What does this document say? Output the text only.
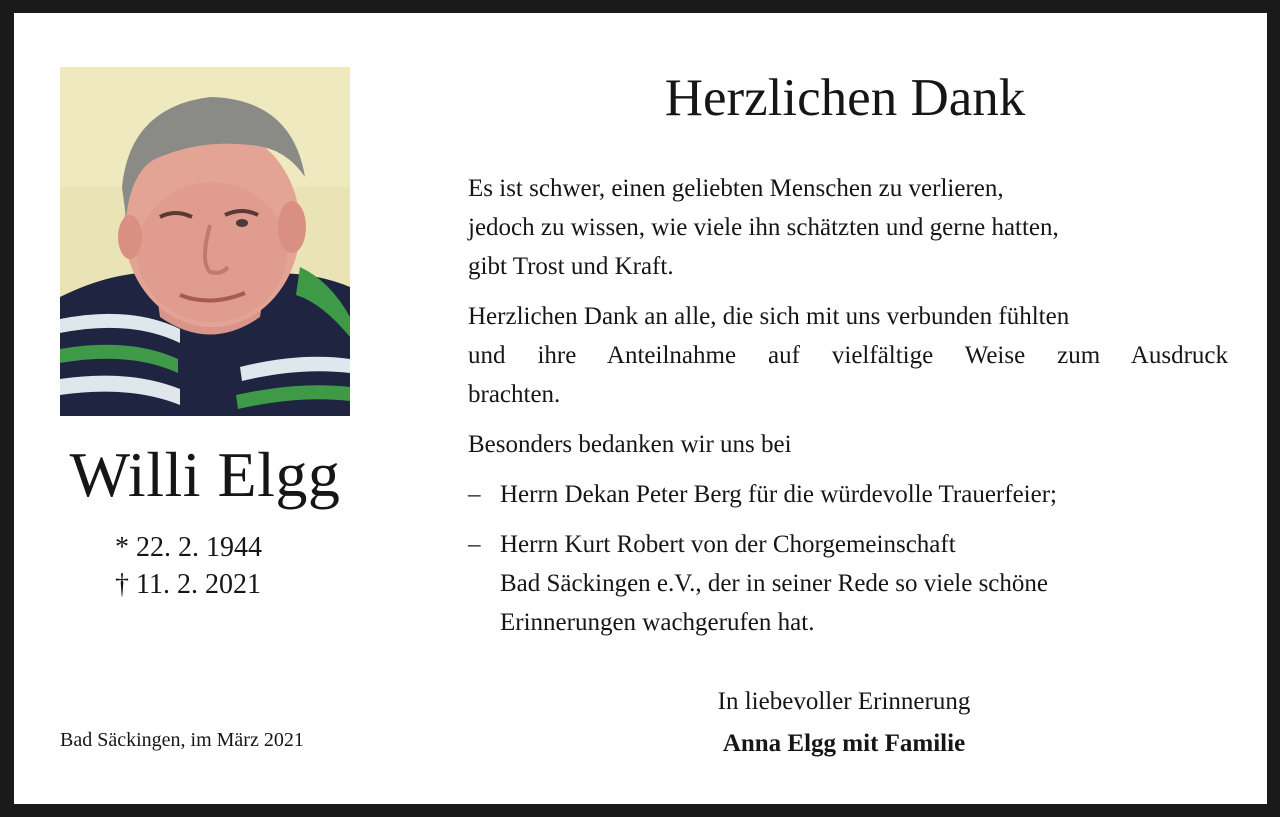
Willi Elgg
* 22. 2. 1944
† 11. 2. 2021
Bad Säckingen, im März 2021
Herzlichen Dank
Es ist schwer, einen geliebten Menschen zu verlieren,
jedoch zu wissen, wie viele ihn schätzten und gerne hatten,
gibt Trost und Kraft.
Herzlichen Dank an alle, die sich mit uns verbunden fühlten
und ihre Anteilnahme auf vielfältige Weise zum Ausdruck
brachten.
Besonders bedanken wir uns bei
– Herrn Dekan Peter Berg für die würdevolle Trauerfeier;
– Herrn Kurt Robert von der Chorgemeinschaft
Bad Säckingen e.V., der in seiner Rede so viele schöne
Erinnerungen wachgerufen hat.
In liebevoller Erinnerung
Anna Elgg mit Familie
